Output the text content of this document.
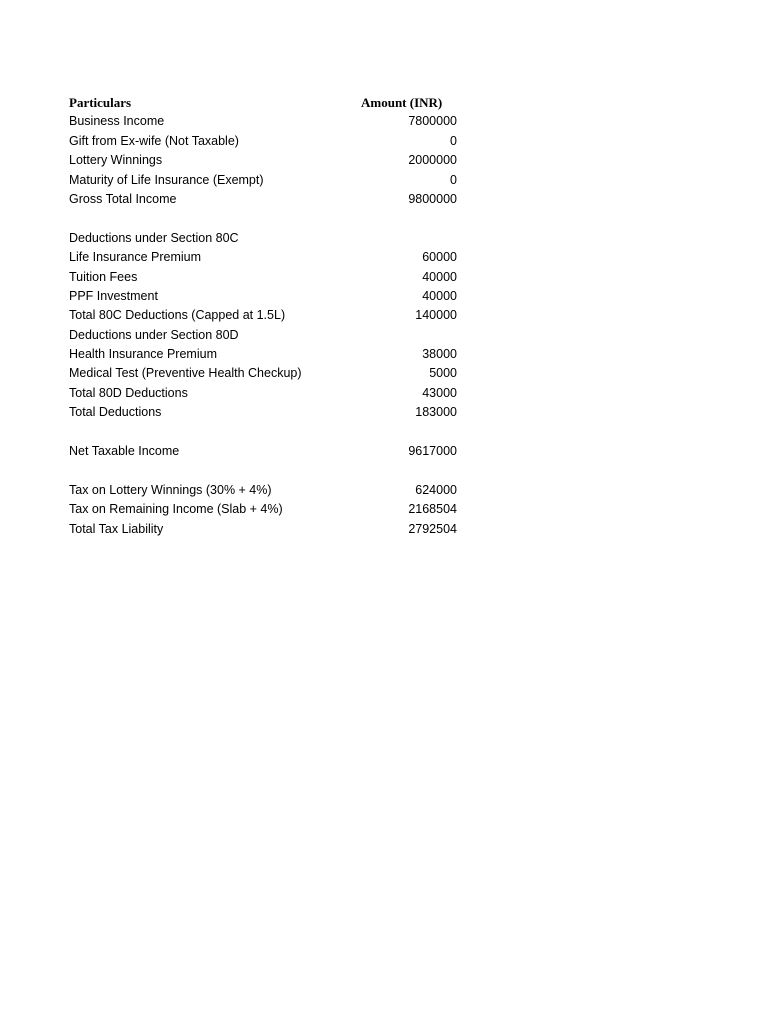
Particulars	Amount (INR)
Business Income	7800000
Gift from Ex-wife (Not Taxable)	0
Lottery Winnings	2000000
Maturity of Life Insurance (Exempt)	0
Gross Total Income	9800000
Deductions under Section 80C
Life Insurance Premium	60000
Tuition Fees	40000
PPF Investment	40000
Total 80C Deductions (Capped at 1.5L)	140000
Deductions under Section 80D
Health Insurance Premium	38000
Medical Test (Preventive Health Checkup)	5000
Total 80D Deductions	43000
Total Deductions	183000
Net Taxable Income	9617000
Tax on Lottery Winnings (30% + 4%)	624000
Tax on Remaining Income (Slab + 4%)	2168504
Total Tax Liability	2792504
